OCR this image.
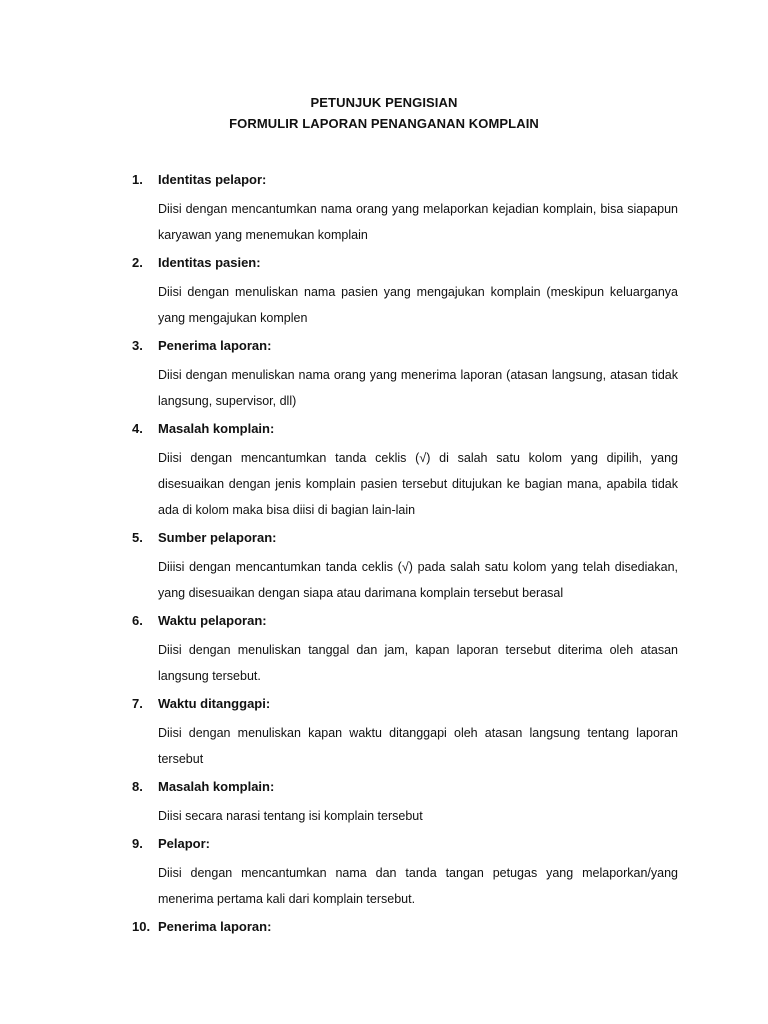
PETUNJUK PENGISIAN
FORMULIR LAPORAN PENANGANAN KOMPLAIN
1. Identitas pelapor:
Diisi dengan mencantumkan nama orang yang melaporkan kejadian komplain, bisa siapapun karyawan yang menemukan komplain
2. Identitas pasien:
Diisi dengan menuliskan nama pasien yang mengajukan komplain (meskipun keluarganya yang mengajukan komplen
3. Penerima laporan:
Diisi dengan menuliskan nama orang yang menerima laporan (atasan langsung, atasan tidak langsung, supervisor, dll)
4. Masalah komplain:
Diisi dengan mencantumkan tanda ceklis (√) di salah satu kolom yang dipilih, yang disesuaikan dengan jenis komplain pasien tersebut ditujukan ke bagian mana, apabila tidak ada di kolom maka bisa diisi di bagian lain-lain
5. Sumber pelaporan:
Diiisi dengan mencantumkan tanda ceklis (√) pada salah satu kolom yang telah disediakan, yang disesuaikan dengan siapa atau darimana komplain tersebut berasal
6. Waktu pelaporan:
Diisi dengan menuliskan tanggal dan jam, kapan laporan tersebut diterima oleh atasan langsung tersebut.
7. Waktu ditanggapi:
Diisi dengan menuliskan kapan waktu ditanggapi oleh atasan langsung tentang laporan tersebut
8. Masalah komplain:
Diisi secara narasi tentang isi komplain tersebut
9. Pelapor:
Diisi dengan mencantumkan nama dan tanda tangan petugas yang melaporkan/yang menerima pertama kali dari komplain tersebut.
10. Penerima laporan:
